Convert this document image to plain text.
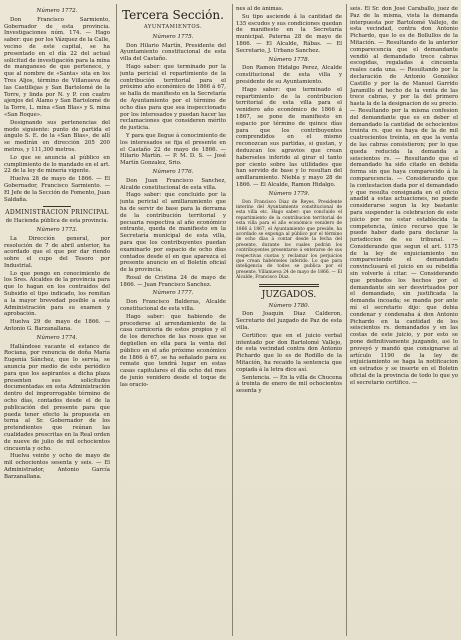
Número 1772.

Don Francisco Sarmiento, Gobernador de esta provincia. Investigaciones núm. 174. — Hago saber: que por los Vázquez de la Calle, vecino de este capital, se ha presentado en el día 22 del actual solicitud de investigación para la mina de manganeso de que pertenece, y que al nombre de «Santa» sita en los Tres Aljos, término de Villanueva de las Castillejas y San Bartolomé de la Torre, y linda por N. y P. con cuatro ajenjos del Alamo y San Bartolomé de la Torre, L. mina «San Blas» y S. mina «San Roque».

Designando sus pertenencias del modo siguiente: punto de partida el ángulo S. E. de la «San Blas», de allí se medirán en dirección 205 200 metros, y 111,300 metros.

Lo que se anuncia al público en cumplimiento de lo mandado en el art. 22 de la ley de minería vigente.

Huelva 28 de mayo de 1866. — El Gobernador, Francisco Sarmiento. — El Jefe de la Sección de Fomento, Juan Saldaña.

ADMINISTRACION PRINCIPAL
de Hacienda pública de esta provincia.
Número 1773.

La Dirección general, por resolución de 7 de abril anterior, ha acordado que el que por dar riendo sobre el cupo del Tesoro por Industrial.

Lo que pongo en conocimiento de los Sres. Alcaldes de la provincia para que lo hagan en los contraídos del Subsidio el tipo indicado, los remitan a la mayor brevedad posible a esta Administración para su examen y aprobación.

Huelva 29 de mayo de 1866. — Antonio G. Barzanallana.

Número 1774.

Hallándose vacante el estanco de Rociana, por renuncia de doña María Eugenia Sánchez, que lo servía, se anuncia por medio de este periódico para que los aspirantes a dicha plaza presenten sus solicitudes documentadas en esta Administración dentro del improrrogable término de ocho días, contados desde el de la publicación del presente para que pueda tener efecto la propuesta en terna al Sr. Gobernador de los pretendientes que reúnan las cualidades prescritas en la Real orden de nueve de julio de mil ochocientos cincuenta y ocho.

Huelva veinte y ocho de mayo de mil ochocientos sesenta y seis. — El Administrador, Antonio García Barzanallana.

Tercera Sección.
AYUNTAMIENTOS.
Número 1775.

Don Hilario Martín, Presidente del Ayuntamiento constitucional de esta villa del Castaño.

Hago saber: que terminado por la junta pericial el repartimiento de la contribución territorial para el próximo año económico de 1866 á 67, se halla de manifiesto en la Secretaría de Ayuntamiento por el término de ocho días para que sea inspeccionado por los interesados y puedan hacer las reclamaciones que consideren mérito de justicia.

Y para que llegue á conocimiento de los interesados se fija el presente en el Castaño 22 de mayo de 1866. — Hilario Martín. — P. M. D. S. — José Martín Gonzalez, Srio.

Número 1776.

Don Juan Francisco Sanchez, Alcalde constitucional de esta villa.

Hago saber: que concluido por la junta pericial el amillaramiento que ha de servir de base para la derrama de la contribución territorial y pecuaria respectiva al año económico entrante, queda de manifiesto en la Secretaría municipal de esta villa, para que los contribuyentes puedan examinarlo por espacio de ocho días contados desde el en que aparezca el presente anuncio en el Boletín oficial de la provincia.

Rosal de Cristina 24 de mayo de 1866. — Juan Francisco Sanchez.

Número 1777.

Don Francisco Balderas, Alcalde constitucional de esta villa.

Hago saber: que habiendo de procederse al arrendamiento de la casa carnicería de estos propios y el de los derechos de las reses que se degüellen en ella para la venta del público en el año próximo económico de 1866 á 67, se ha señalado para su remate que tendrá lugar en estas casas capitulares el día ocho del mes de junio venidero desde el toque de las oracio-

nes al de ánimas.

Su tipo asciende á la cantidad de 135 escudos y sus condiciones quedan de manifiesto en la Secretaría municipal. Paterna 28 de mayo de 1866. — El Alcalde, Rábas. — El Secretario, J. Urbano Sanchez.

Número 1778.

Don Ramon Hidalgo Perez, Alcalde constitucional de esta villa y presidente de su Ayuntamiento.

Hago saber: que terminado el repartimiento de la contribucion territorial de esta villa para el venidero año económico de 1866 á 1867, se pone de manifiesto en espacio por término de quince días para que los contribuyentes comprendidos en el mismo reconozcan sus partidas, si gustan, y deduzcan los agravios que crean haberseles inferido al girar el tanto por ciento sobre las utilidades que han servido de base y lo resultan del amillaramiento. Niebla y mayo 28 de 1866. — El Alcalde, Ramon Hidalgo.

Número 1779.

Don Francisco Diaz de Reyes, Presidente interino del Ayuntamiento constitucional de esta villa etc. Hago saber: que concluido el repartimiento de la contribucion territorial de esta villa para el año económico venidero de 1866 á 1867, el Ayuntamiento que preside, ha acordado se exponga al público por el término de ocho días á contar desde la fecha del presente, durante los cuales podrán los contribuyentes presentarse á enterarse de sus respectivas cuotas y reclamar los perjuicios que crean habérseles inferido. Lo que para inteligencia de todos se publica por el presente. Villanueva 24 de mayo de 1866. — El Alcalde, Francisco Diaz.

JUZGADOS.
Número 1780.

Don Joaquin Diaz Calderon, Secretario del juzgado de Paz de esta villa.

Certifico: que en el juicio verbal intentado por don Bartolomé Vallejo, de esta vecindad contra don Antonio Pichardo que lo es de Rodillo de la Mitación, ha recaido la sentencia que copiada á la letra dice así.

Sentencia. — En la villa de Chucena á treinta de enero de mil ochocientos sesenta y

seis. El Sr. don José Caraballo, juez de Paz de la misma, vista la demanda interpuesta por Bartolomé Vallejo, de esta vecindad, contra don Antonio Pichardo, que lo es de Bollullos de la Mitación. — Resultando de la anterior comparecencia que el demandante vendió al demandado trece cabras escogidas, regaladas á cincuenta reales cada una. — Resultando por la declaración de Antonio González Castillo y por la de Manuel Garrido Jaramillo el hecho de la venta de las trece cabras, y por la del primero hasta la de la designacion de su precio. — Resultando por la misma confesion del demandante que es en deber el demandado la cantidad de ochocientos treinta rs. que es haya de la de mil cuatrocientos treinta, en que la venta de las cabras consistieron; por lo que queda reducida la demanda a seiscientos rs. — Resultando que el demandado ha sido citado en debida forma sin que haya comparecido á la comparecencia. — Considerando que la contestacion dada por el demandado y que resulta consignada en el oficio anadid a estas actuaciones, no puede considerarse segun la ley bastante para suspender la celebracion de este juicio por no estar establecida la competencia, único recurso que le puede haber dado para declarar la jurisdiccion de su tribunal. — Considerando que segun el art. 1175 de la ley de enjuiciamiento no compareciendo el demandado convinclusará el juicio en su rebeldía sin volverle á citar. — Considerando que probados los hechos por el demandante sin ser desvirtuados por el demandado, sin justificada la demanda incoada; se manda por ante mí el secretario dijo: que debia condenar y condenaba á don Antonio Pichardo en la cantidad de los seiscientos rs. demandados y en las costas de este juicio, y por esto se pone definitivamente juzgando, asi lo proveyó y mandó que consignarse al artículo 1190 de la ley de enjuiciamiento se haga la notificacion en estrados y se inserte en el Boletin oficial de la provincia de todo lo que yo el secretario certifico. —
